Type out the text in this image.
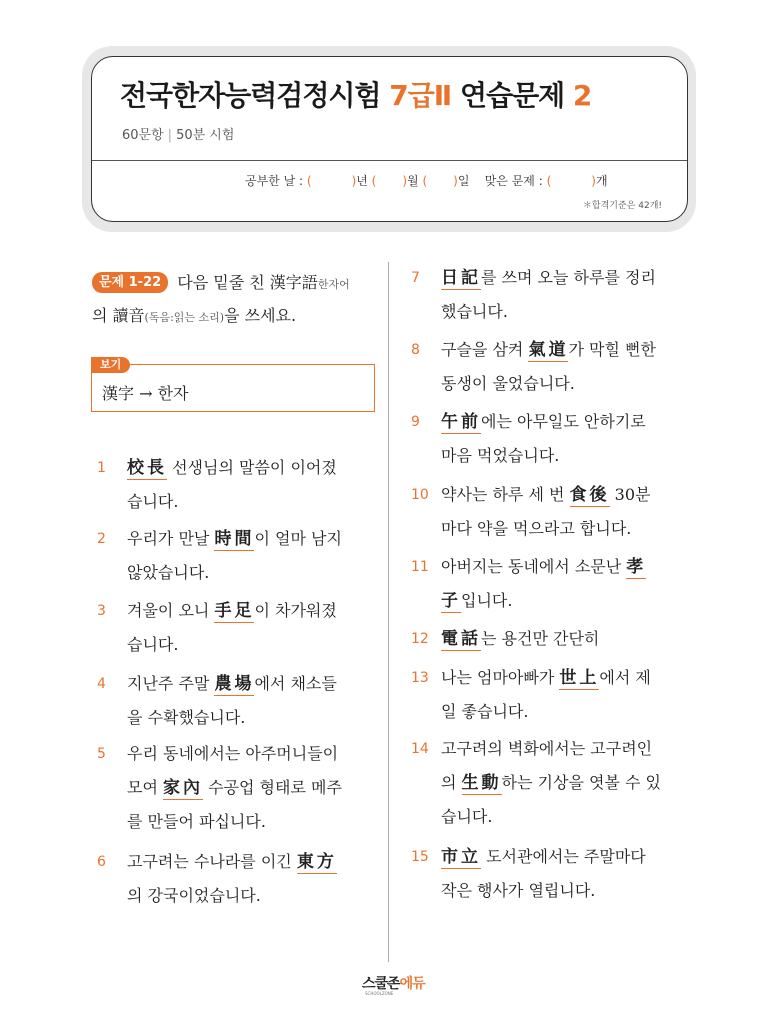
전국한자능력검정시험 7급Ⅱ 연습문제 2
60문항 | 50분 시험
공부한 날 : (	)년 ( )월 ( )일 맞은 문제 : (	)개
＊합격기준은 42개!
문제 1-22 다음 밑줄 친 漢字語한자어
의 讀音(독음:읽는 소리)을 쓰세요.
보기
漢字 → 한자
1 校長 선생님의 말씀이 이어졌
습니다.
2 우리가 만날 時間이 얼마 남지
않았습니다.
3 겨울이 오니 手足이 차가워졌
습니다.
4 지난주 주말 農場에서 채소들
을 수확했습니다.
5 우리 동네에서는 아주머니들이
모여 家內 수공업 형태로 메주
를 만들어 파십니다.
6 고구려는 수나라를 이긴 東方
의 강국이었습니다.
7 日記를 쓰며 오늘 하루를 정리
했습니다.
8 구슬을 삼켜 氣道가 막힐 뻔한
동생이 울었습니다.
9 午前에는 아무일도 안하기로
마음 먹었습니다.
10 약사는 하루 세 번 食後 30분
마다 약을 먹으라고 합니다.
11 아버지는 동네에서 소문난 孝
子입니다.
12 電話는 용건만 간단히
13 나는 엄마아빠가 世上에서 제
일 좋습니다.
14 고구려의 벽화에서는 고구려인
의 生動하는 기상을 엿볼 수 있
습니다.
15 市立 도서관에서는 주말마다
작은 행사가 열립니다.
스쿨존에듀
SCHOOLZONE
